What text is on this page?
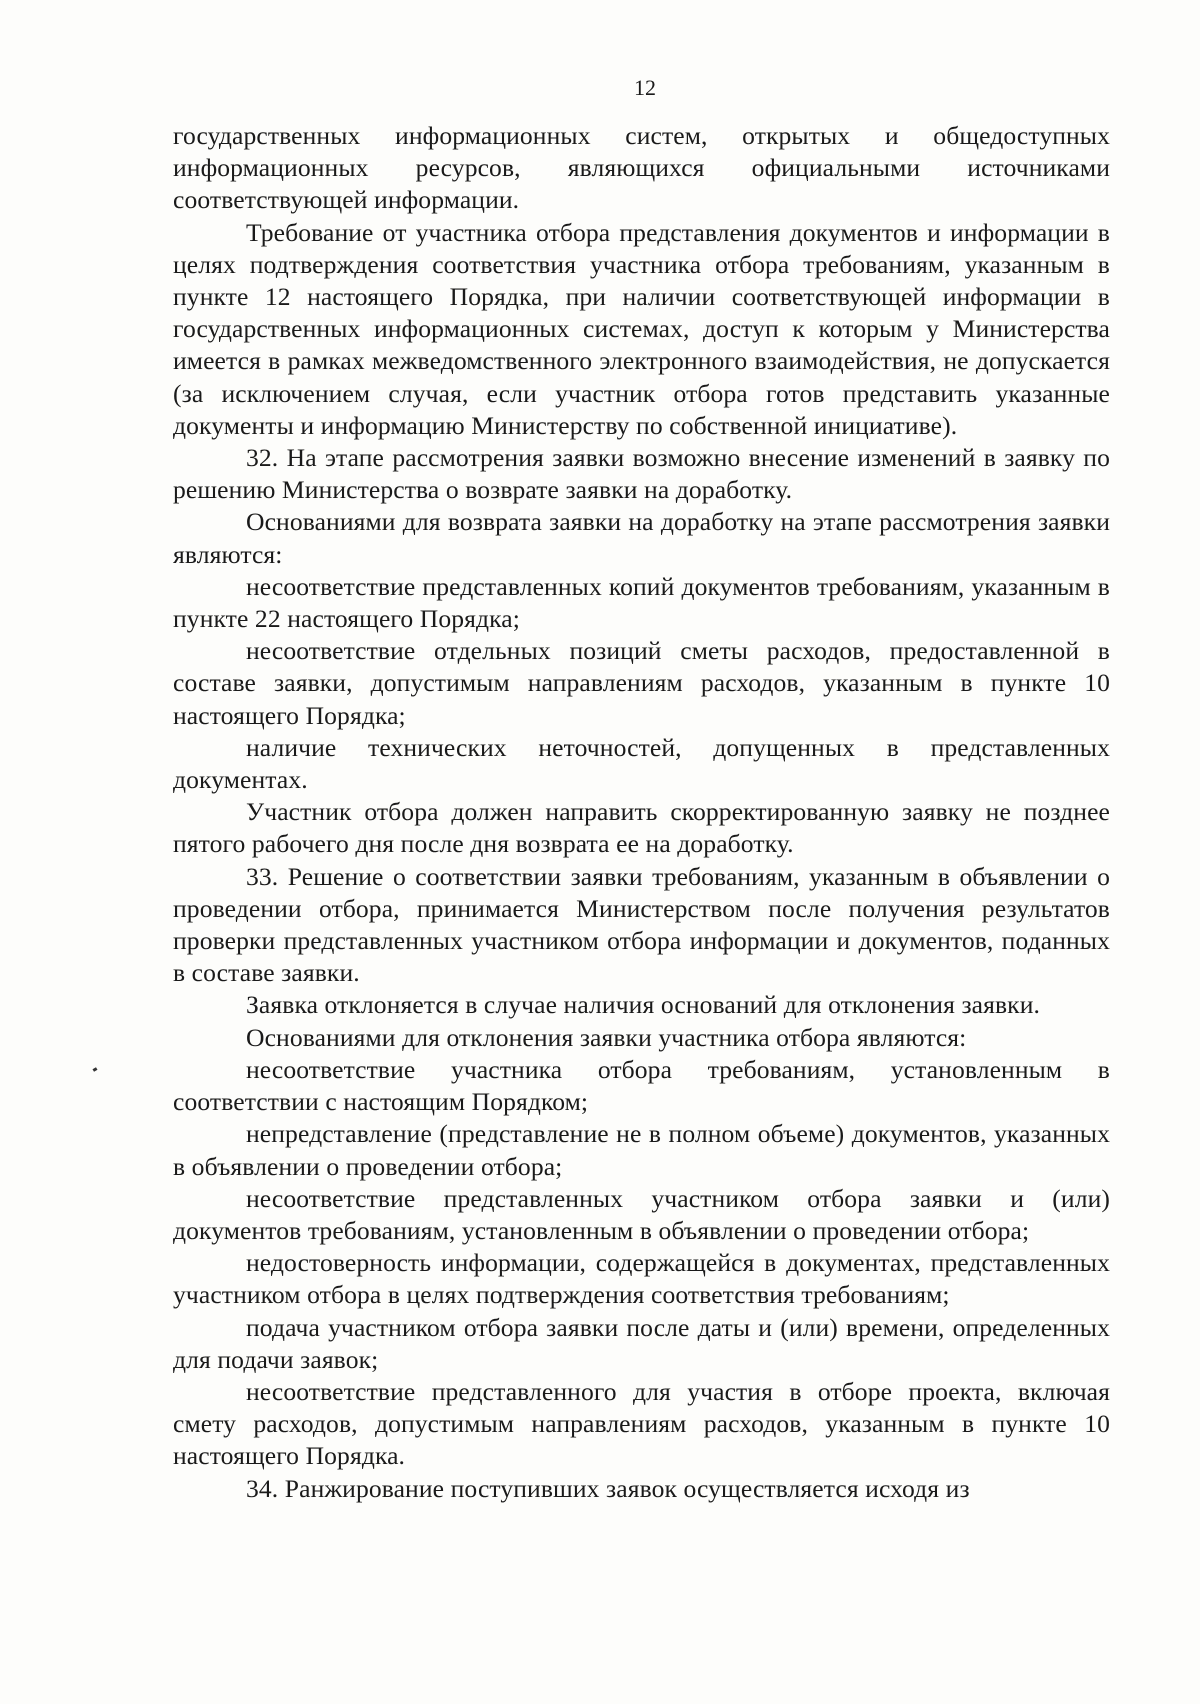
12

государственных информационных систем, открытых и общедоступных информационных ресурсов, являющихся официальными источниками соответствующей информации.

Требование от участника отбора представления документов и информации в целях подтверждения соответствия участника отбора требованиям, указанным в пункте 12 настоящего Порядка, при наличии соответствующей информации в государственных информационных системах, доступ к которым у Министерства имеется в рамках межведомственного электронного взаимодействия, не допускается (за исключением случая, если участник отбора готов представить указанные документы и информацию Министерству по собственной инициативе).

32. На этапе рассмотрения заявки возможно внесение изменений в заявку по решению Министерства о возврате заявки на доработку.

Основаниями для возврата заявки на доработку на этапе рассмотрения заявки являются:

несоответствие представленных копий документов требованиям, указанным в пункте 22 настоящего Порядка;

несоответствие отдельных позиций сметы расходов, предоставленной в составе заявки, допустимым направлениям расходов, указанным в пункте 10 настоящего Порядка;

наличие технических неточностей, допущенных в представленных документах.

Участник отбора должен направить скорректированную заявку не позднее пятого рабочего дня после дня возврата ее на доработку.

33. Решение о соответствии заявки требованиям, указанным в объявлении о проведении отбора, принимается Министерством после получения результатов проверки представленных участником отбора информации и документов, поданных в составе заявки.

Заявка отклоняется в случае наличия оснований для отклонения заявки.

Основаниями для отклонения заявки участника отбора являются:

несоответствие участника отбора требованиям, установленным в соответствии с настоящим Порядком;

непредставление (представление не в полном объеме) документов, указанных в объявлении о проведении отбора;

несоответствие представленных участником отбора заявки и (или) документов требованиям, установленным в объявлении о проведении отбора;

недостоверность информации, содержащейся в документах, представленных участником отбора в целях подтверждения соответствия требованиям;

подача участником отбора заявки после даты и (или) времени, определенных для подачи заявок;

несоответствие представленного для участия в отборе проекта, включая смету расходов, допустимым направлениям расходов, указанным в пункте 10 настоящего Порядка.

34. Ранжирование поступивших заявок осуществляется исходя из
